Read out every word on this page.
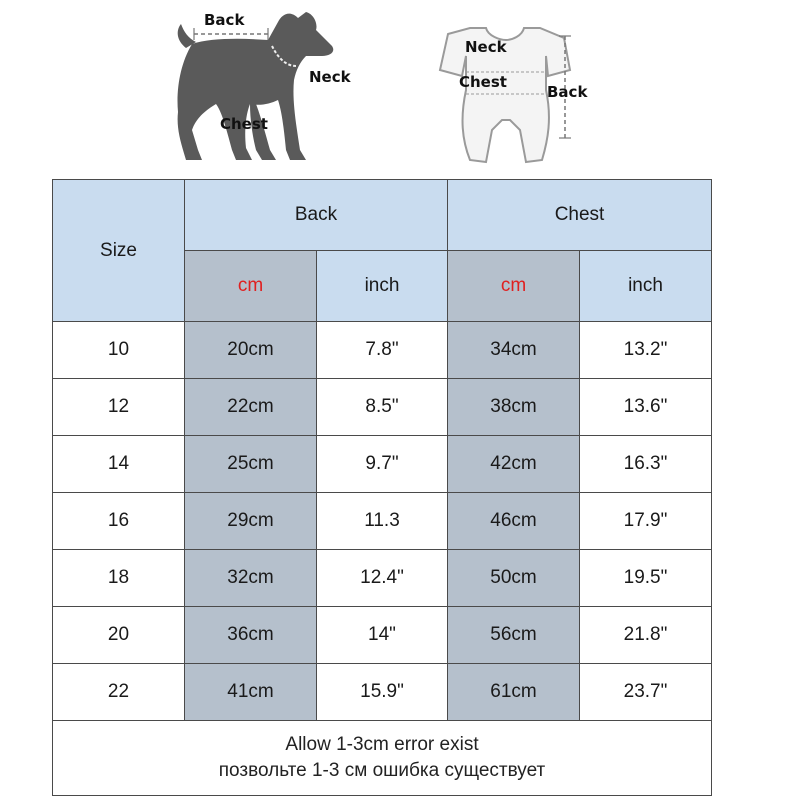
Back
Neck
Chest
Neck
Chest
Back
Size	Back		Chest	
	cm	inch	cm	inch
10	20cm	7.8"	34cm	13.2"
12	22cm	8.5"	38cm	13.6"
14	25cm	9.7"	42cm	16.3"
16	29cm	11.3	46cm	17.9"
18	32cm	12.4"	50cm	19.5"
20	36cm	14"	56cm	21.8"
22	41cm	15.9"	61cm	23.7"

Allow 1-3cm error exist
позвольте 1-3 см ошибка существует				
